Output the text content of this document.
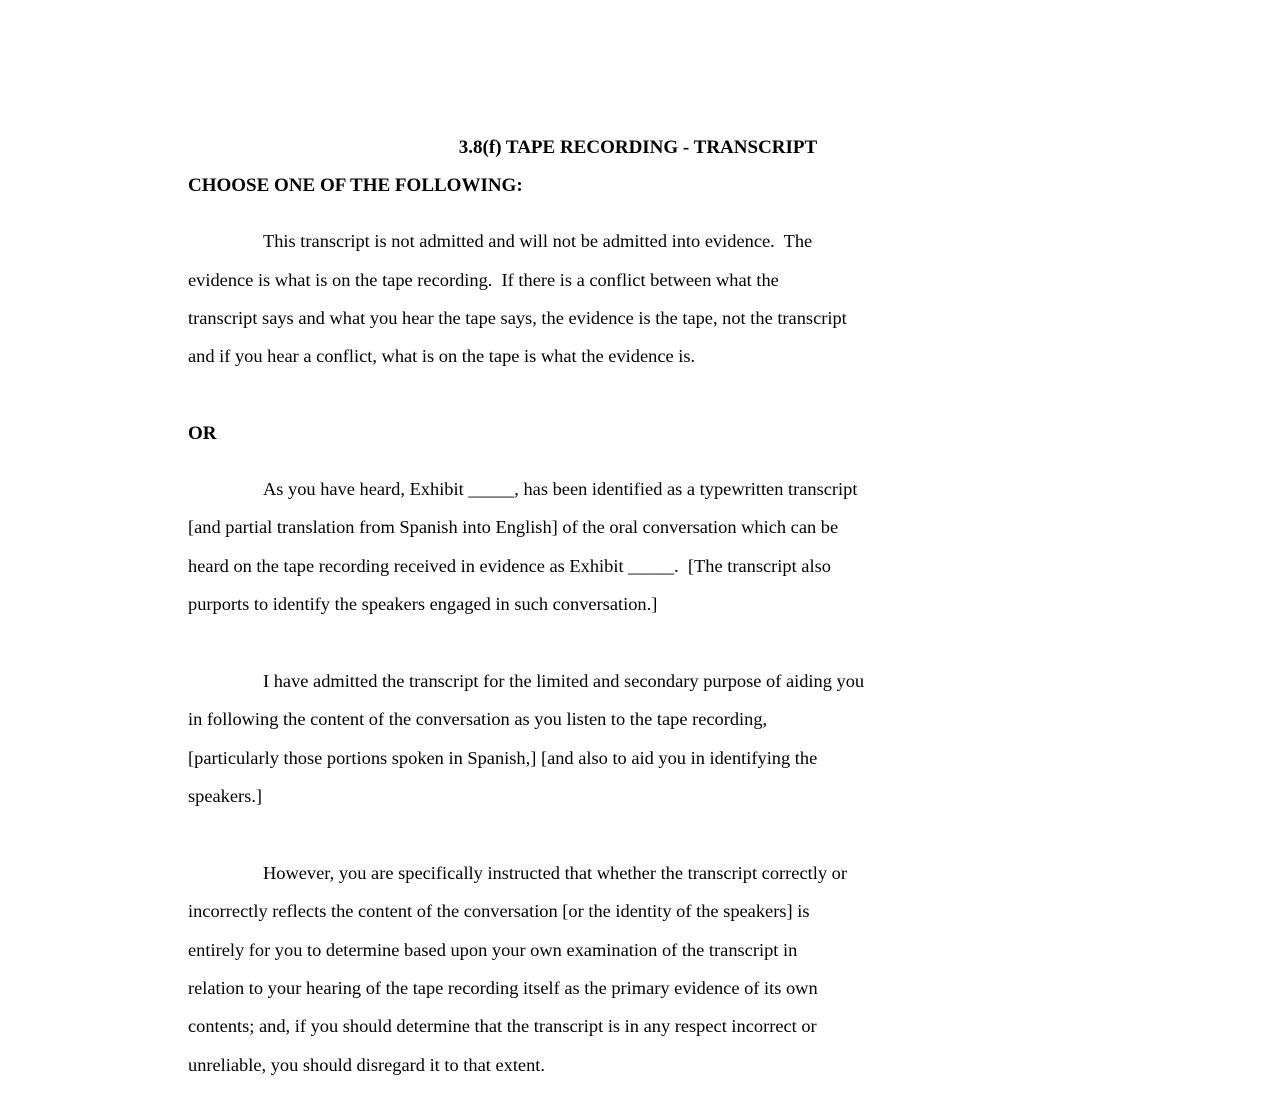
3.8(f) TAPE RECORDING - TRANSCRIPT
CHOOSE ONE OF THE FOLLOWING:

This transcript is not admitted and will not be admitted into evidence.  The

evidence is what is on the tape recording.  If there is a conflict between what the

transcript says and what you hear the tape says, the evidence is the tape, not the transcript

and if you hear a conflict, what is on the tape is what the evidence is.

OR

As you have heard, Exhibit _____, has been identified as a typewritten transcript

[and partial translation from Spanish into English] of the oral conversation which can be

heard on the tape recording received in evidence as Exhibit _____.  [The transcript also

purports to identify the speakers engaged in such conversation.]

I have admitted the transcript for the limited and secondary purpose of aiding you

in following the content of the conversation as you listen to the tape recording,

[particularly those portions spoken in Spanish,] [and also to aid you in identifying the

speakers.]

However, you are specifically instructed that whether the transcript correctly or

incorrectly reflects the content of the conversation [or the identity of the speakers] is

entirely for you to determine based upon your own examination of the transcript in

relation to your hearing of the tape recording itself as the primary evidence of its own

contents; and, if you should determine that the transcript is in any respect incorrect or

unreliable, you should disregard it to that extent.
